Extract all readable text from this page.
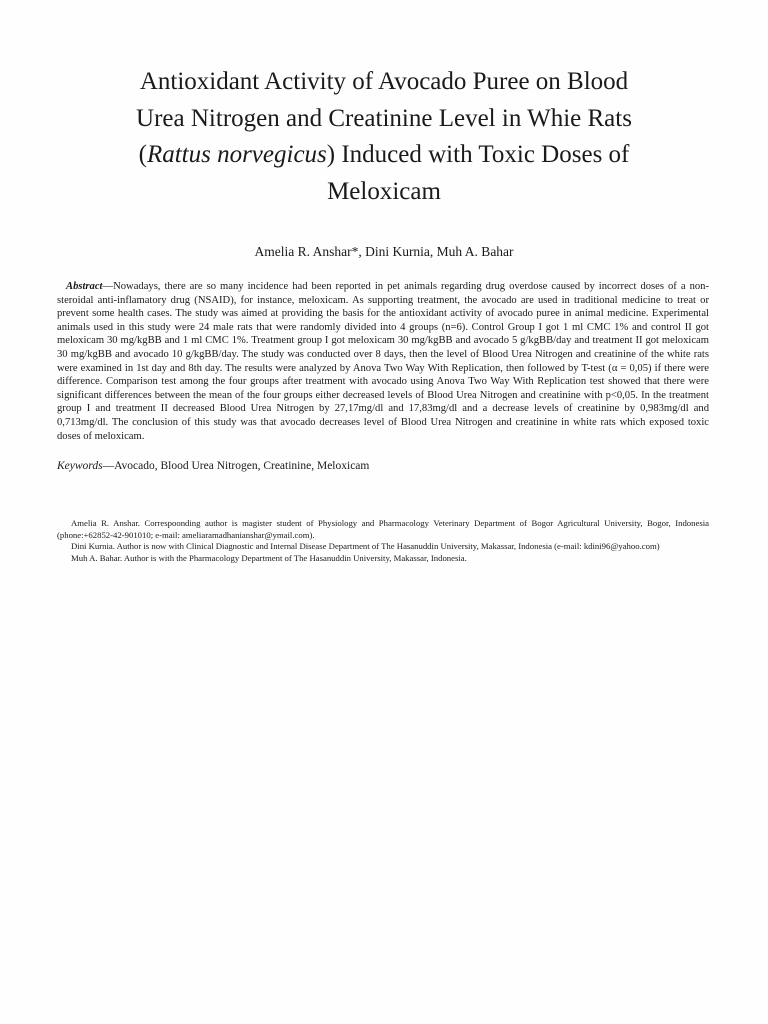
Antioxidant Activity of Avocado Puree on Blood
Urea Nitrogen and Creatinine Level in Whie Rats
(Rattus norvegicus) Induced with Toxic Doses of
Meloxicam
Amelia R. Anshar*, Dini Kurnia, Muh A. Bahar

Abstract—Nowadays, there are so many incidence had been reported in pet animals regarding drug overdose caused by incorrect doses of a non-steroidal anti-inflamatory drug (NSAID), for instance, meloxicam. As supporting treatment, the avocado are used in traditional medicine to treat or prevent some health cases. The study was aimed at providing the basis for the antioxidant activity of avocado puree in animal medicine. Experimental animals used in this study were 24 male rats that were randomly divided into 4 groups (n=6). Control Group I got 1 ml CMC 1% and control II got meloxicam 30 mg/kgBB and 1 ml CMC 1%. Treatment group I got meloxicam 30 mg/kgBB and avocado 5 g/kgBB/day and treatment II got meloxicam 30 mg/kgBB and avocado 10 g/kgBB/day. The study was conducted over 8 days, then the level of Blood Urea Nitrogen and creatinine of the white rats were examined in 1st day and 8th day. The results were analyzed by Anova Two Way With Replication, then followed by T-test (α = 0,05) if there were difference. Comparison test among the four groups after treatment with avocado using Anova Two Way With Replication test showed that there were significant differences between the mean of the four groups either decreased levels of Blood Urea Nitrogen and creatinine with p<0,05. In the treatment group I and treatment II decreased Blood Urea Nitrogen by 27,17mg/dl and 17,83mg/dl and a decrease levels of creatinine by 0,983mg/dl and 0,713mg/dl. The conclusion of this study was that avocado decreases level of Blood Urea Nitrogen and creatinine in white rats which exposed toxic doses of meloxicam.

Keywords—Avocado, Blood Urea Nitrogen, Creatinine, Meloxicam

Amelia R. Anshar. Correspoonding author is magister student of Physiology and Pharmacology Veterinary Department of Bogor Agricultural University, Bogor, Indonesia (phone:+62852-42-901010; e-mail: ameliaramadhanianshar@ymail.com).

Dini Kurnia. Author is now with Clinical Diagnostic and Internal Disease Department of The Hasanuddin University, Makassar, Indonesia (e-mail: kdini96@yahoo.com)

Muh A. Bahar. Author is with the Pharmacology Department of The Hasanuddin University, Makassar, Indonesia.
